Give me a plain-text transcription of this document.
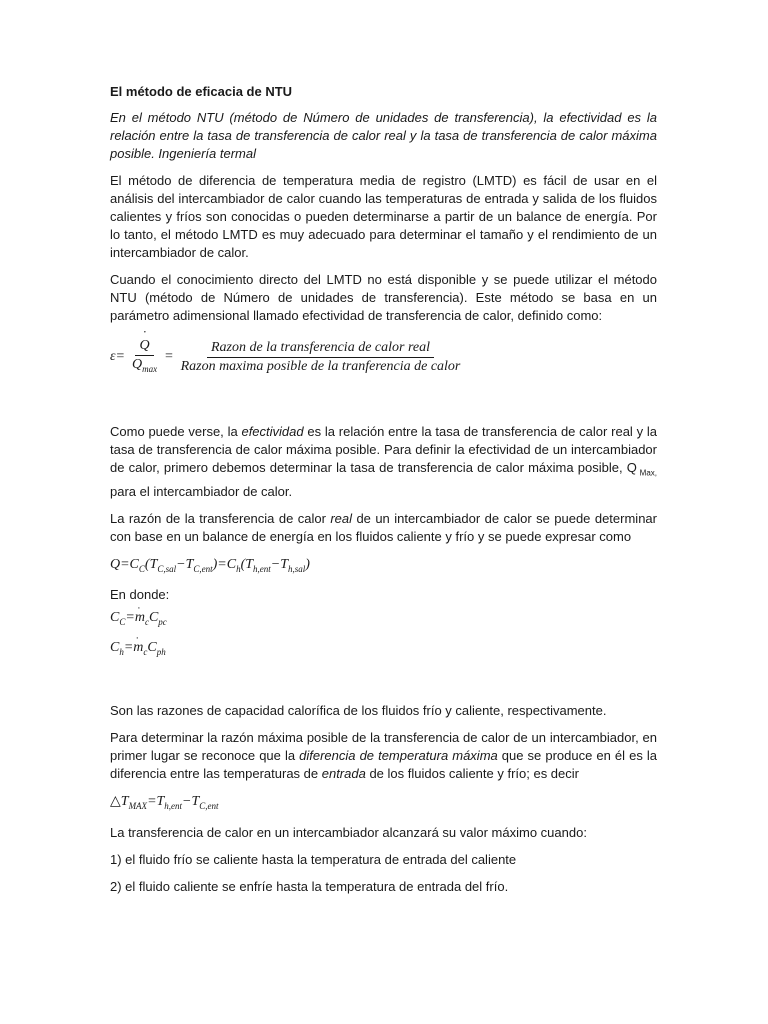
El método de eficacia de NTU

En el método NTU (método de Número de unidades de transferencia), la efectividad es la relación entre la tasa de transferencia de calor real y la tasa de transferencia de calor máxima posible. Ingeniería termal

El método de diferencia de temperatura media de registro (LMTD) es fácil de usar en el análisis del intercambiador de calor cuando las temperaturas de entrada y salida de los fluidos calientes y fríos son conocidas o pueden determinarse a partir de un balance de energía. Por lo tanto, el método LMTD es muy adecuado para determinar el tamaño y el rendimiento de un intercambiador de calor.

Cuando el conocimiento directo del LMTD no está disponible y se puede utilizar el método NTU (método de Número de unidades de transferencia). Este método se basa en un parámetro adimensional llamado efectividad de transferencia de calor, definido como:

ε =
˙ $\frac{Q}{Q_{max}} = \frac{\text{Razon de la transferencia de calor real}}{\text{Razon maxima posible de la tranferencia de calor}}$

Como puede verse, la efectividad es la relación entre la tasa de transferencia de calor real y la tasa de transferencia de calor máxima posible. Para definir la efectividad de un intercambiador de calor, primero debemos determinar la tasa de transferencia de calor máxima posible, Q $_{Max,}$ para el intercambiador de calor.

La razón de la transferencia de calor real de un intercambiador de calor se puede determinar con base en un balance de energía en los fluidos caliente y frío y se puede expresar como

$Q=C_C(T_{C,sal}-T_{C,ent})=C_h(T_{h,ent}-T_{h,sal})$

En donde:

$C_C=˙$ $m_cC_{pc}$
$C_h=˙$ $m_cC_{ph}$

Son las razones de capacidad calorífica de los fluidos frío y caliente, respectivamente.

Para determinar la razón máxima posible de la transferencia de calor de un intercambiador, en primer lugar se reconoce que la diferencia de temperatura máxima que se produce en él es la diferencia entre las temperaturas de entrada de los fluidos caliente y frío; es decir

$\triangle T_{MAX}=T_{h,ent}-T_{C,ent}$

La transferencia de calor en un intercambiador alcanzará su valor máximo cuando:

1) el fluido frío se caliente hasta la temperatura de entrada del caliente

2) el fluido caliente se enfríe hasta la temperatura de entrada del frío.
